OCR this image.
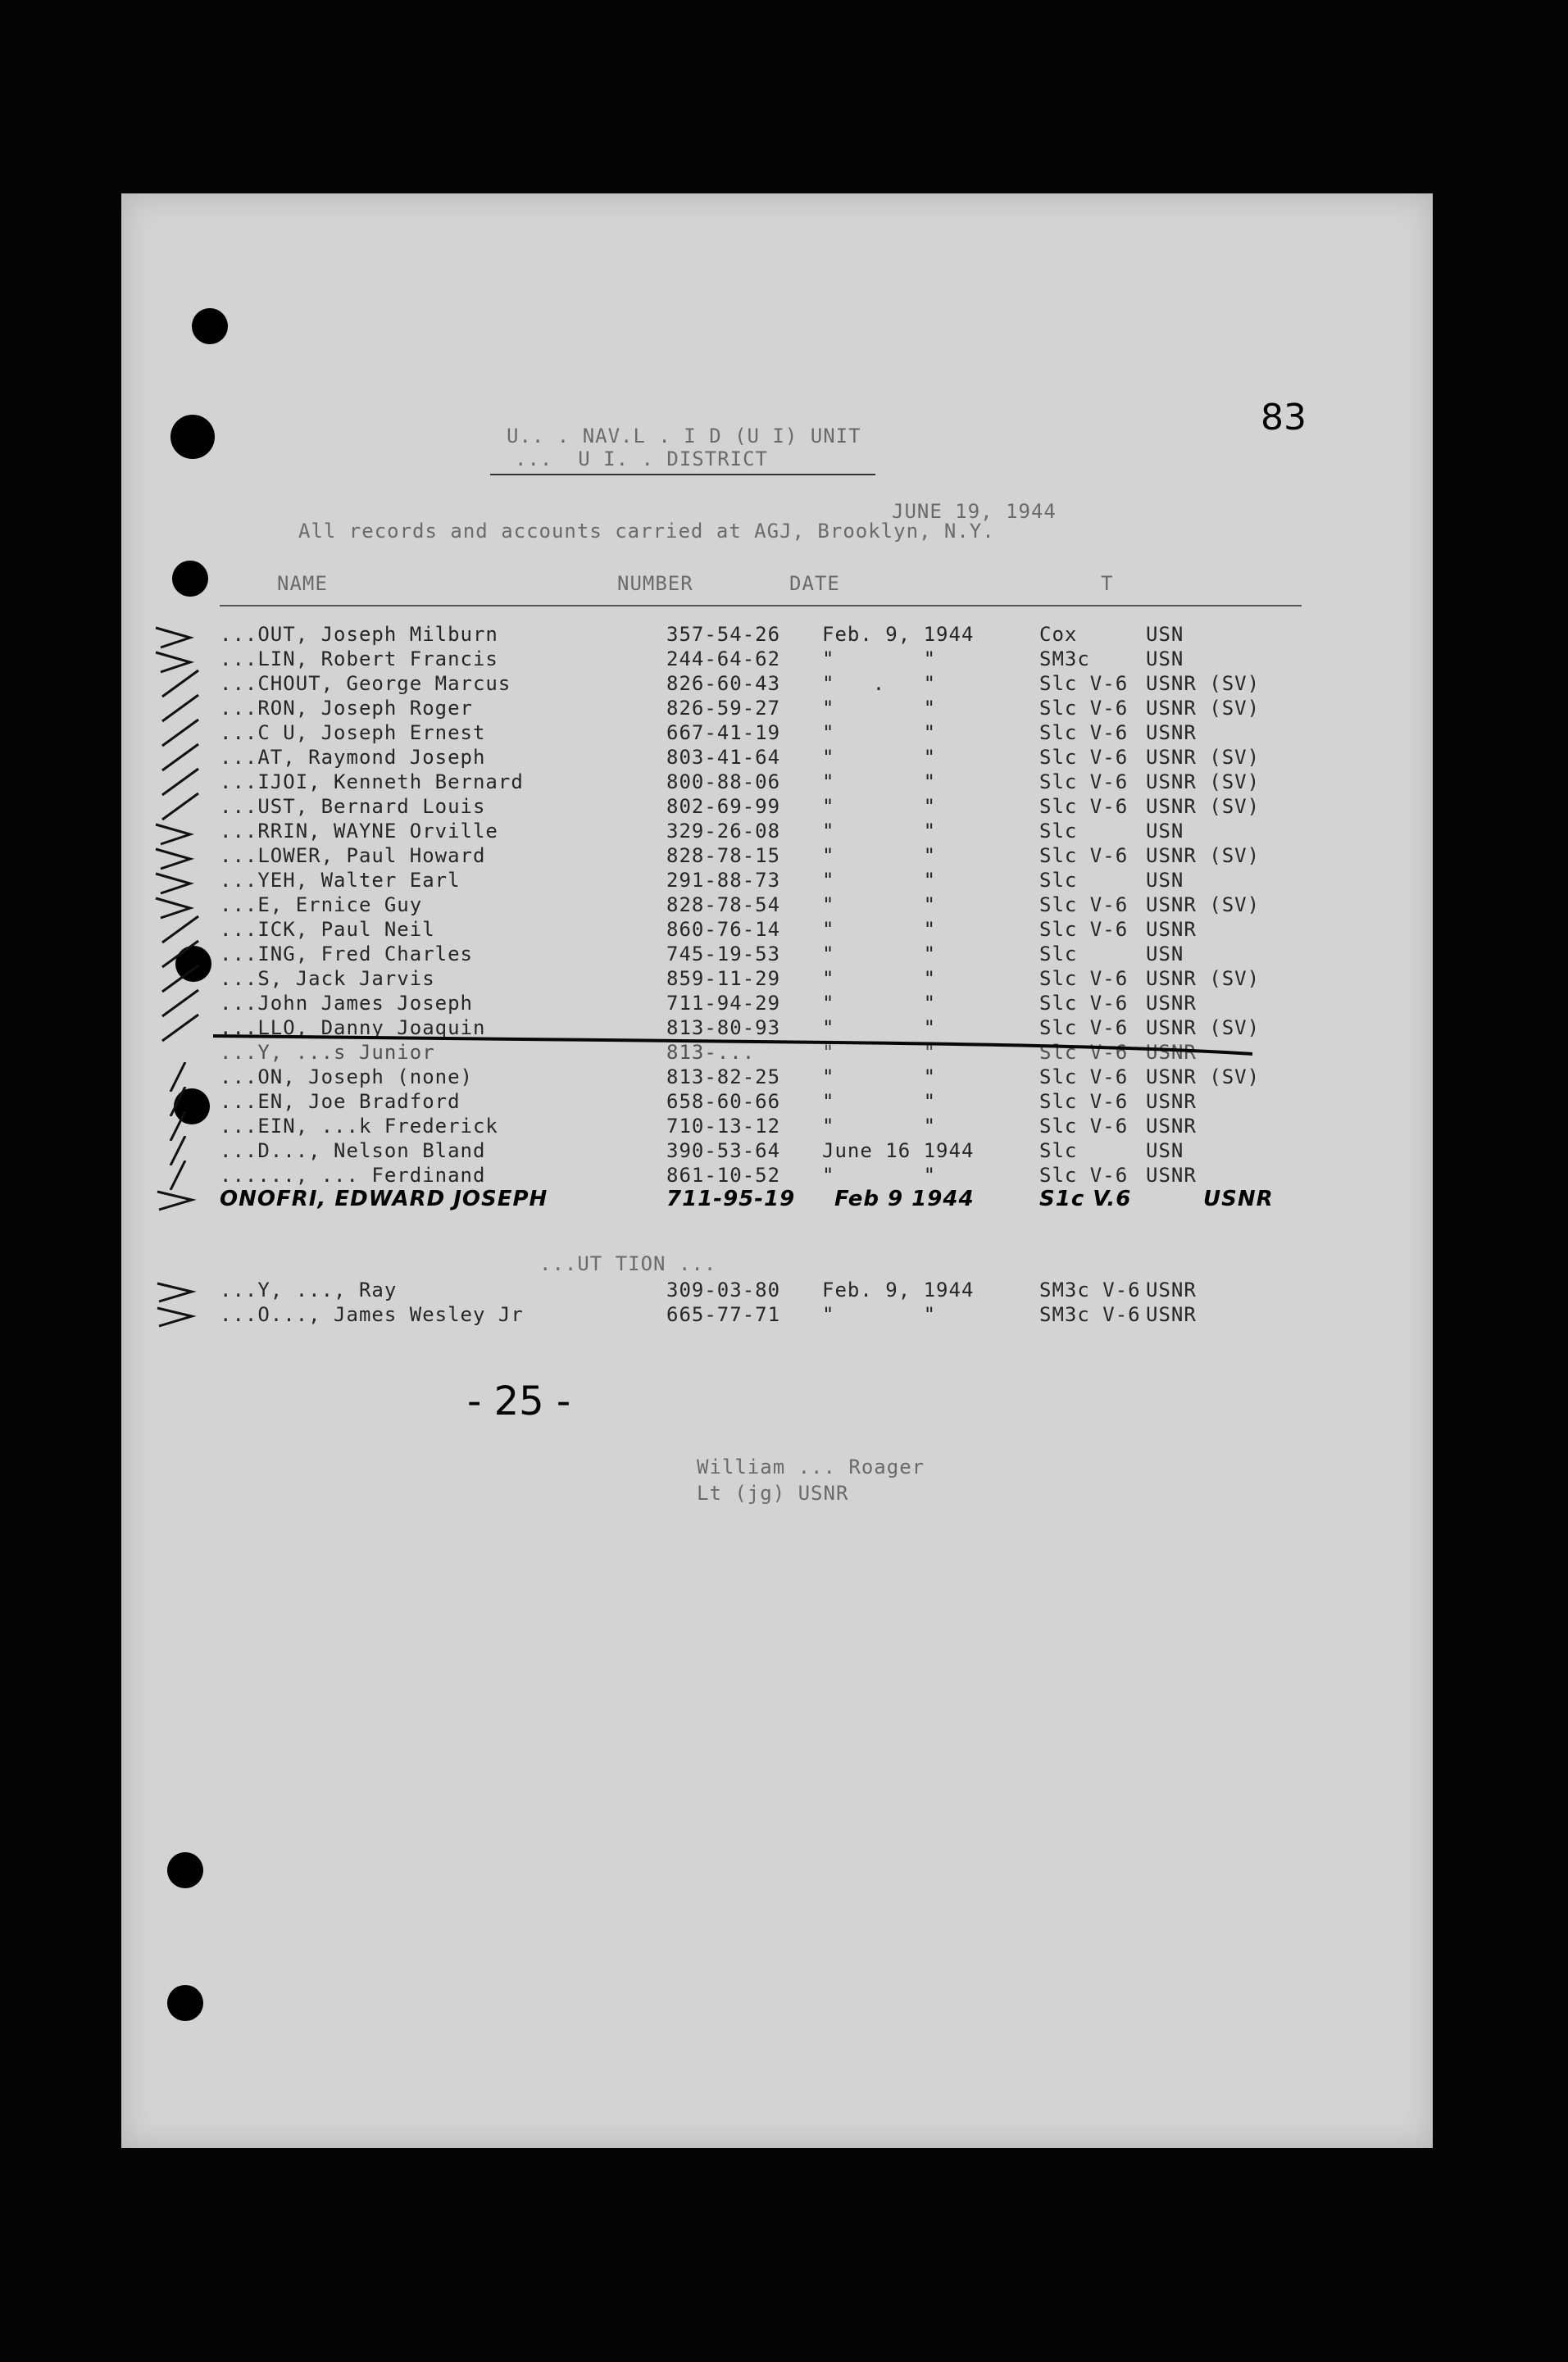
83
U.. . NAV.L . I D (U I) UNIT
...  U I. . DISTRICT
JUNE 19, 1944
All records and accounts carried at AGJ, Brooklyn, N.Y.
NAME	NUMBER	DATE	T
...OUT, Joseph Milburn	357-54-26 Feb. 9, 1944	Cox	USN
...LIN, Robert Francis	244-64-62 "       "	SM3c	USN
...CHOUT, George Marcus	826-60-43 "   .   "	Slc V-6 USNR (SV)
...RON, Joseph Roger	826-59-27 "       "	Slc V-6 USNR (SV)
...C U, Joseph Ernest	667-41-19 "       "	Slc V-6 USNR
...AT, Raymond Joseph	803-41-64 "       "	Slc V-6 USNR (SV)
...IJOI, Kenneth Bernard	800-88-06 "       "	Slc V-6 USNR (SV)
...UST, Bernard Louis	802-69-99 "       "	Slc V-6 USNR (SV)
...RRIN, WAYNE Orville	329-26-08 "       "	Slc	USN
...LOWER, Paul Howard	828-78-15 "       "	Slc V-6 USNR (SV)
...YEH, Walter Earl	291-88-73 "       "	Slc	USN
...E, Ernice Guy	828-78-54 "       "	Slc V-6 USNR (SV)
...ICK, Paul Neil	860-76-14 "       "	Slc V-6 USNR
...ING, Fred Charles	745-19-53 "       "	Slc	USN
...S, Jack Jarvis	859-11-29 "       "	Slc V-6 USNR (SV)
...John James Joseph	711-94-29 "       "	Slc V-6 USNR
...LLO, Danny Joaquin	813-80-93 "       "	Slc V-6 USNR (SV)
...Y, ...s Junior	813-...	"       "	Slc V-6 USNR
...ON, Joseph (none)	813-82-25 "       "	Slc V-6 USNR (SV)
...EN, Joe Bradford	658-60-66 "       "	Slc V-6 USNR
...EIN, ...k Frederick	710-13-12 "       "	Slc V-6 USNR
...D..., Nelson Bland	390-53-64 June 16 1944	Slc	USN
......, ... Ferdinand	861-10-52 "       "	Slc V-6 USNR
ONOFRI, EDWARD JOSEPH	711-95-19 Feb 9 1944	S1c V.6	USNR
...UT TION ...
...Y, ..., Ray	309-03-80 Feb. 9, 1944	SM3c V-6 USNR
...O..., James Wesley Jr	665-77-71 "       "	SM3c V-6 USNR
- 25 -
William ... Roager
Lt (jg) USNR
